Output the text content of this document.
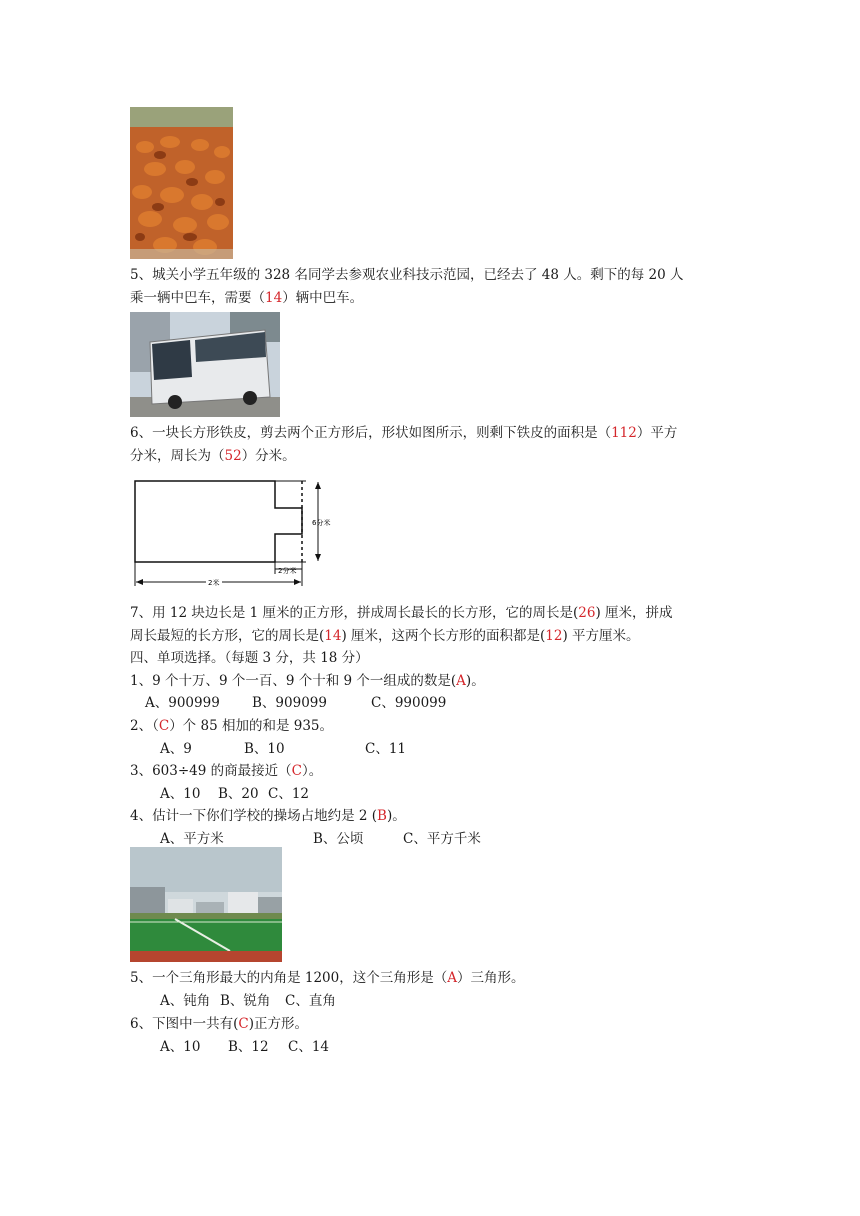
5、城关小学五年级的 328 名同学去参观农业科技示范园，已经去了 48 人。剩下的每 20 人
乘一辆中巴车，需要（14）辆中巴车。
6、一块长方形铁皮，剪去两个正方形后，形状如图所示，则剩下铁皮的面积是（112）平方
分米，周长为（52）分米。
6分米
2分米
2米
7、用 12 块边长是 1 厘米的正方形，拼成周长最长的长方形，它的周长是(26) 厘米，拼成
周长最短的长方形，它的周长是(14) 厘米，这两个长方形的面积都是(12) 平方厘米。
四、单项选择。（每题 3 分，共 18 分）
1、9 个十万、9 个一百、9 个十和 9 个一组成的数是(A)。
A、900999 B、909099	C、990099
2、（C）个 85 相加的和是 935。
A、9	B、10	C、11
3、603÷49 的商最接近（C）。
A、10 B、20 C、12
4、估计一下你们学校的操场占地约是 2 (B)。
A、平方米	B、公顷	C、平方千米
5、一个三角形最大的内角是 1200，这个三角形是（A）三角形。
A、钝角 B、锐角 C、直角
6、下图中一共有(C)正方形。
A、10 B、12 C、14
